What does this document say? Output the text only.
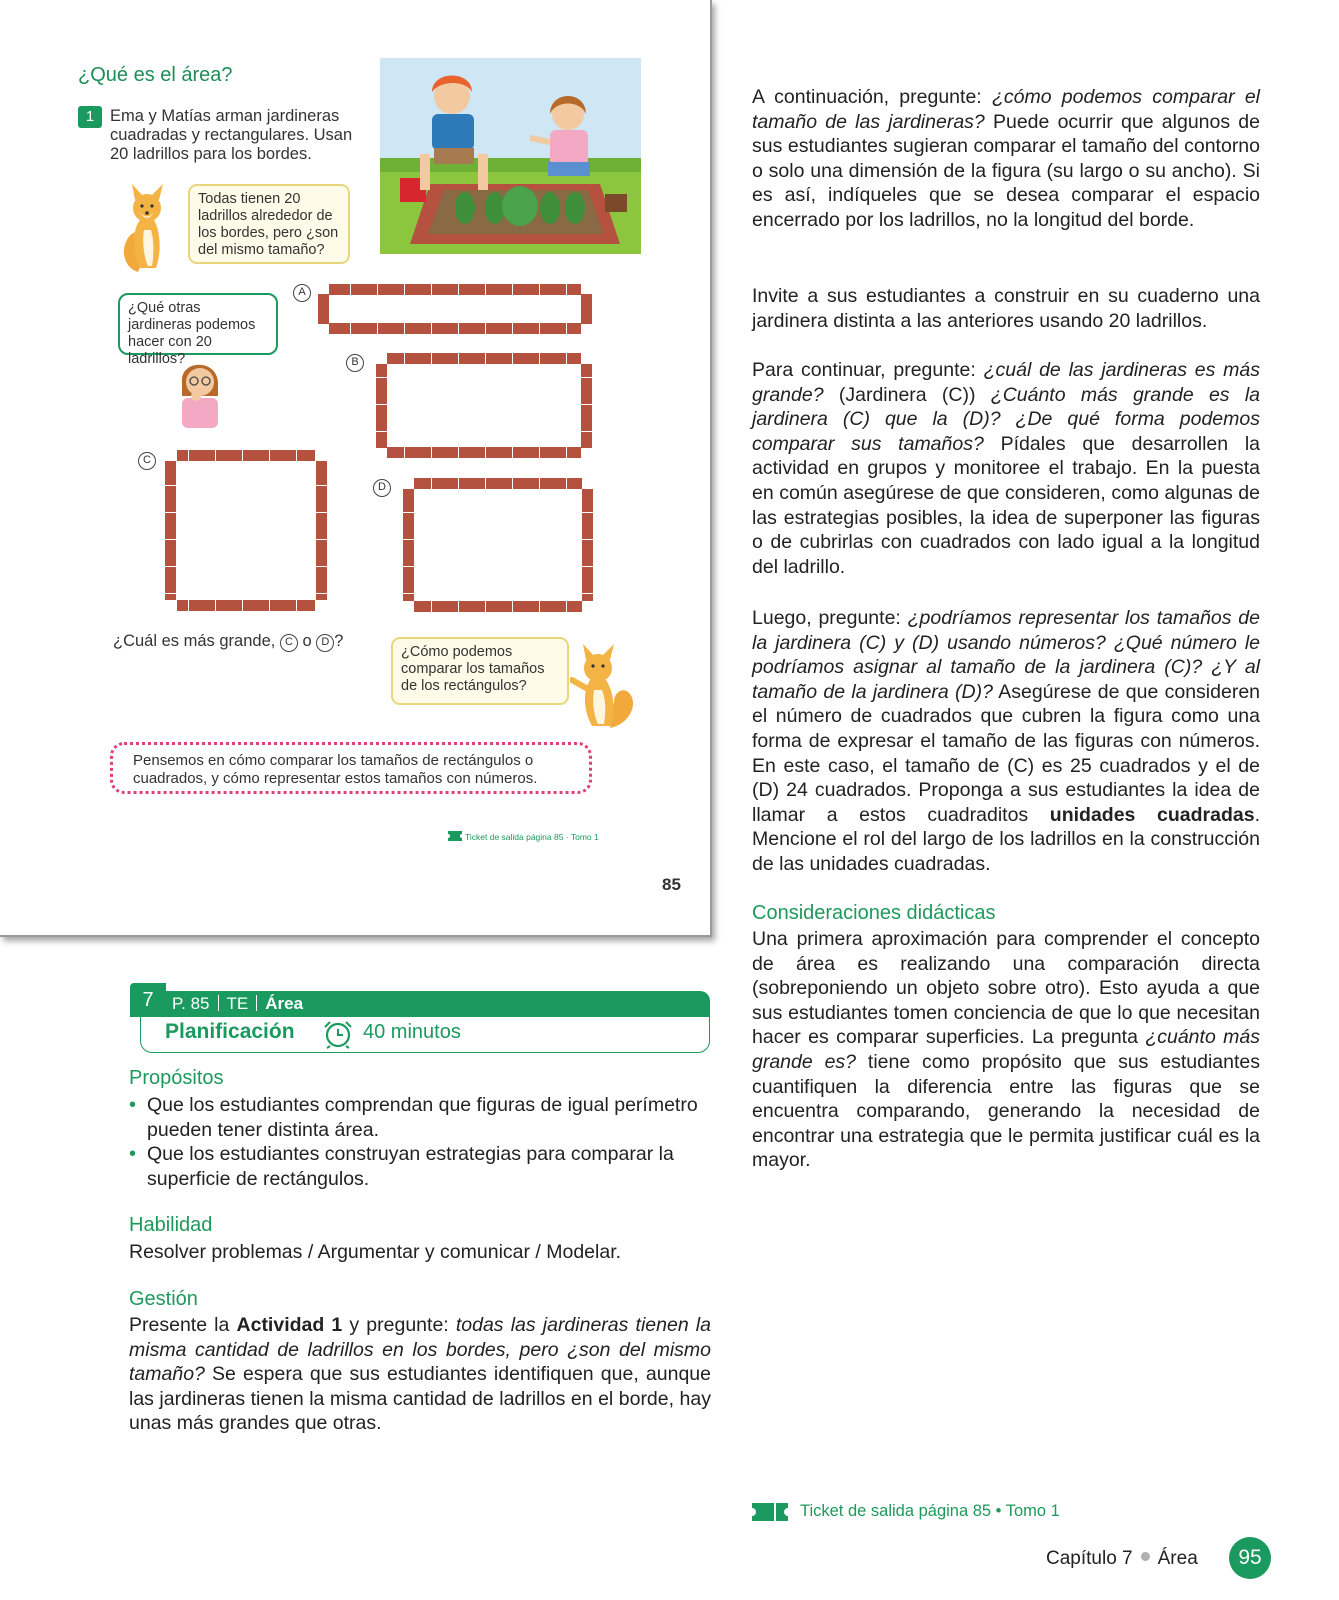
¿Qué es el área?
1 Ema y Matías arman jardineras cuadradas y rectangulares. Usan 20 ladrillos para los bordes.
Todas tienen 20 ladrillos alrededor de los bordes, pero ¿son del mismo tamaño?
¿Qué otras jardineras podemos hacer con 20 ladrillos?
A
B
C
D
¿Cuál es más grande, C o D ?
¿Cómo podemos comparar los tamaños de los rectángulos?
Pensemos en cómo comparar los tamaños de rectángulos o cuadrados, y cómo representar estos tamaños con números.
Ticket de salida página 85 · Tomo 1
85
7	P. 85 TE Área
Planificación	40 minutos
Propósitos
• Que los estudiantes comprendan que figuras de igual perímetro pueden tener distinta área.
• Que los estudiantes construyan estrategias para comparar la superficie de rectángulos.
Habilidad
Resolver problemas / Argumentar y comunicar / Modelar.
Gestión
Presente la Actividad 1 y pregunte: todas las jardineras tienen la misma cantidad de ladrillos en los bordes, pero ¿son del mismo tamaño? Se espera que sus estudiantes identifiquen que, aunque las jardineras tienen la misma cantidad de ladrillos en el borde, hay unas más grandes que otras.
A continuación, pregunte: ¿cómo podemos comparar el tamaño de las jardineras? Puede ocurrir que algunos de sus estudiantes sugieran comparar el tamaño del contorno o solo una dimensión de la figura (su largo o su ancho). Si es así, indíqueles que se desea comparar el espacio encerrado por los ladrillos, no la longitud del borde.
Invite a sus estudiantes a construir en su cuaderno una jardinera distinta a las anteriores usando 20 ladrillos.
Para continuar, pregunte: ¿cuál de las jardineras es más grande? (Jardinera (C)) ¿Cuánto más grande es la jardinera (C) que la (D)? ¿De qué forma podemos comparar sus tamaños? Pídales que desarrollen la actividad en grupos y monitoree el trabajo. En la puesta en común asegúrese de que consideren, como algunas de las estrategias posibles, la idea de superponer las figuras o de cubrirlas con cuadrados con lado igual a la longitud del ladrillo.
Luego, pregunte: ¿podríamos representar los tamaños de la jardinera (C) y (D) usando números? ¿Qué número le podríamos asignar al tamaño de la jardinera (C)? ¿Y al tamaño de la jardinera (D)? Asegúrese de que consideren el número de cuadrados que cubren la figura como una forma de expresar el tamaño de las figuras con números. En este caso, el tamaño de (C) es 25 cuadrados y el de (D) 24 cuadrados. Proponga a sus estudiantes la idea de llamar a estos cuadraditos unidades cuadradas. Mencione el rol del largo de los ladrillos en la construcción de las unidades cuadradas.
Consideraciones didácticas
Una primera aproximación para comprender el concepto de área es realizando una comparación directa (sobreponiendo un objeto sobre otro). Esto ayuda a que sus estudiantes tomen conciencia de que lo que necesitan hacer es comparar superficies. La pregunta ¿cuánto más grande es? tiene como propósito que sus estudiantes cuantifiquen la diferencia entre las figuras que se encuentra comparando, generando la necesidad de encontrar una estrategia que le permita justificar cuál es la mayor.
Ticket de salida página 85 • Tomo 1
Capítulo 7 Área	95
